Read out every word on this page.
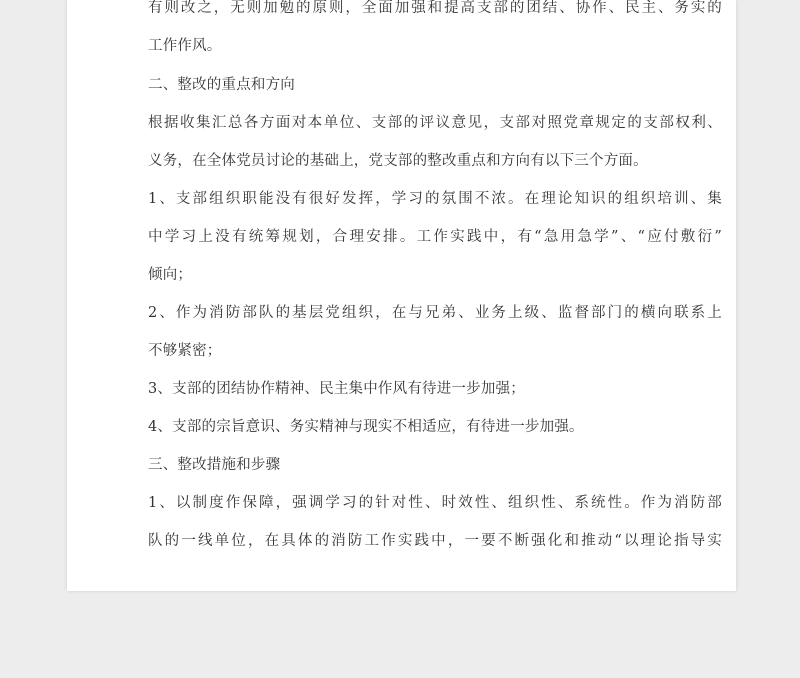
有则改之，无则加勉的原则，全面加强和提高支部的团结、协作、民主、务实的
工作作风。
二、整改的重点和方向
根据收集汇总各方面对本单位、支部的评议意见，支部对照党章规定的支部权利、
义务，在全体党员讨论的基础上，党支部的整改重点和方向有以下三个方面。
1、支部组织职能没有很好发挥，学习的氛围不浓。在理论知识的组织培训、集
中学习上没有统筹规划，合理安排。工作实践中，有“急用急学”、“应付敷衍”
倾向；
2、作为消防部队的基层党组织，在与兄弟、业务上级、监督部门的横向联系上
不够紧密；
3、支部的团结协作精神、民主集中作风有待进一步加强；
4、支部的宗旨意识、务实精神与现实不相适应，有待进一步加强。
三、整改措施和步骤
1、以制度作保障，强调学习的针对性、时效性、组织性、系统性。作为消防部
队的一线单位，在具体的消防工作实践中，一要不断强化和推动“以理论指导实
